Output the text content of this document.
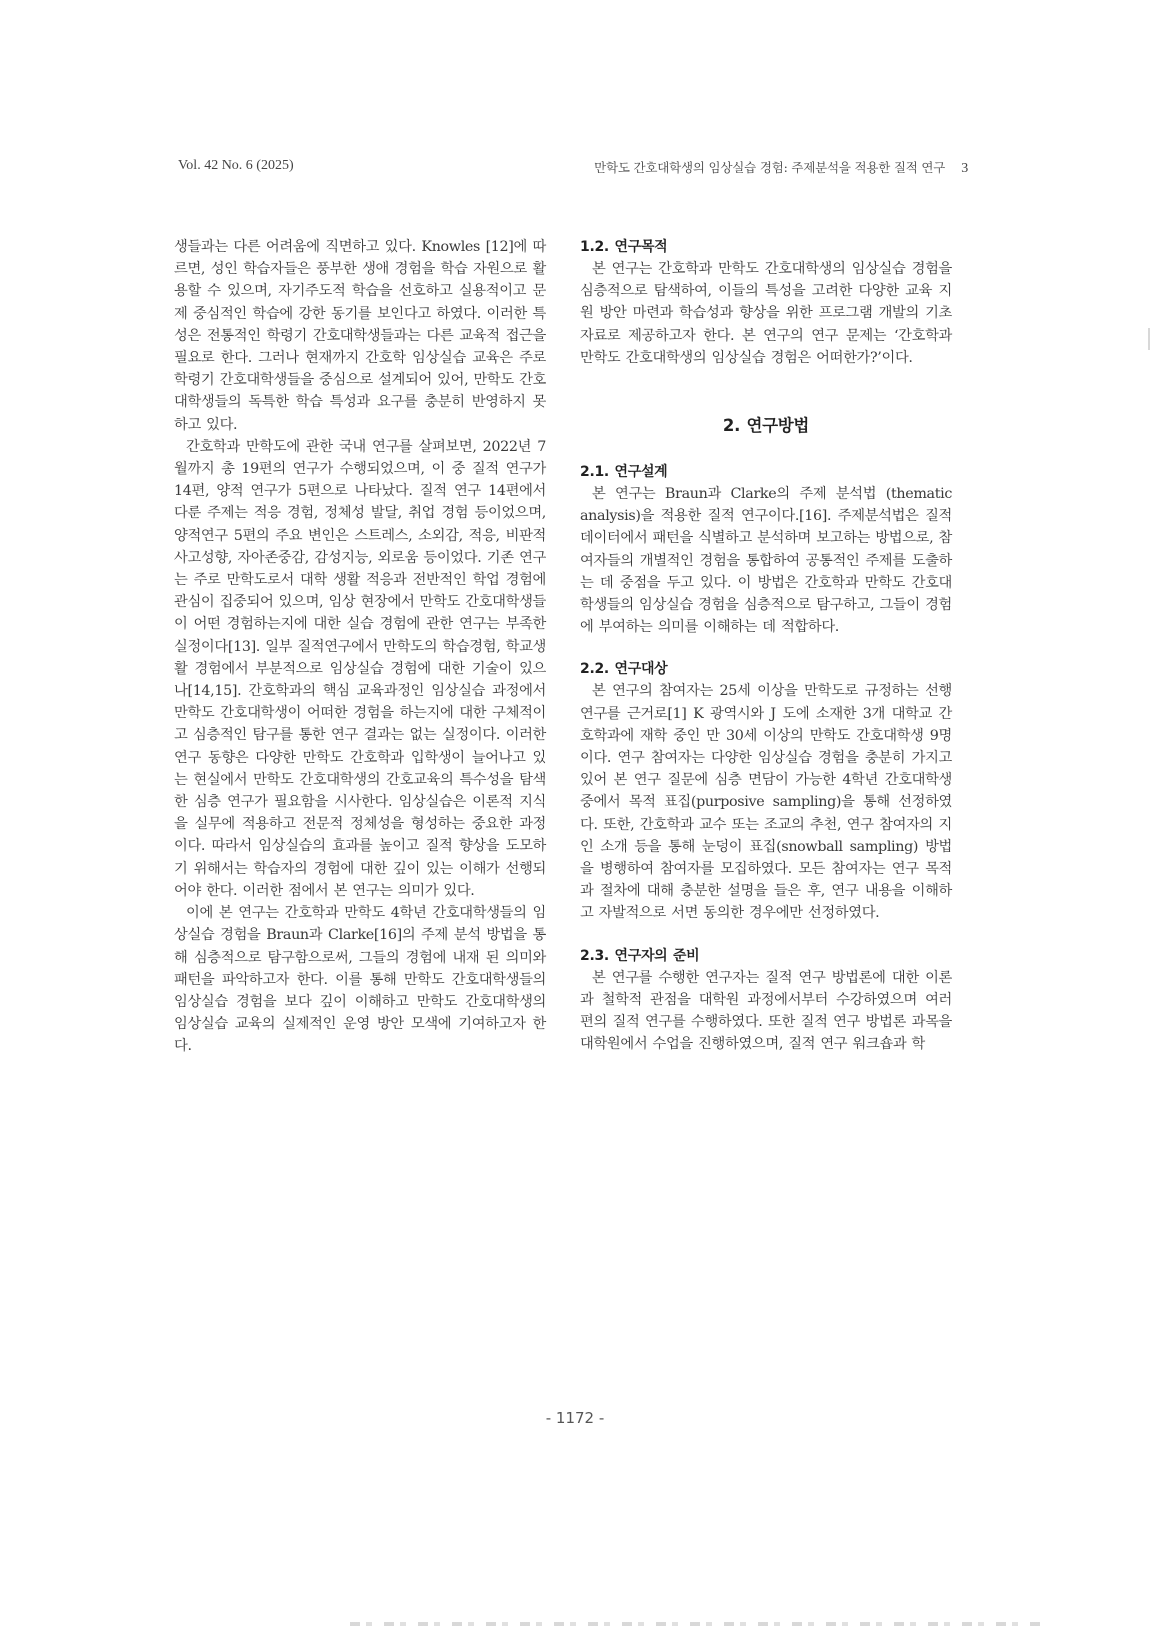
Vol. 42 No. 6 (2025)	만학도 간호대학생의 임상실습 경험: 주제분석을 적용한 질적 연구 3

생들과는 다른 어려움에 직면하고 있다. Knowles [12]에 따르면, 성인 학습자들은 풍부한 생애 경험을 학습 자원으로 활용할 수 있으며, 자기주도적 학습을 선호하고 실용적이고 문제 중심적인 학습에 강한 동기를 보인다고 하였다. 이러한 특성은 전통적인 학령기 간호대학생들과는 다른 교육적 접근을 필요로 한다. 그러나 현재까지 간호학 임상실습 교육은 주로 학령기 간호대학생들을 중심으로 설계되어 있어, 만학도 간호대학생들의 독특한 학습 특성과 요구를 충분히 반영하지 못하고 있다.

간호학과 만학도에 관한 국내 연구를 살펴보면, 2022년 7월까지 총 19편의 연구가 수행되었으며, 이 중 질적 연구가 14편, 양적 연구가 5편으로 나타났다. 질적 연구 14편에서 다룬 주제는 적응 경험, 정체성 발달, 취업 경험 등이었으며, 양적연구 5편의 주요 변인은 스트레스, 소외감, 적응, 비판적 사고성향, 자아존중감, 감성지능, 외로움 등이었다. 기존 연구는 주로 만학도로서 대학 생활 적응과 전반적인 학업 경험에 관심이 집중되어 있으며, 임상 현장에서 만학도 간호대학생들이 어떤 경험하는지에 대한 실습 경험에 관한 연구는 부족한 실정이다[13]. 일부 질적연구에서 만학도의 학습경험, 학교생활 경험에서 부분적으로 임상실습 경험에 대한 기술이 있으나[14,15]. 간호학과의 핵심 교육과정인 임상실습 과정에서 만학도 간호대학생이 어떠한 경험을 하는지에 대한 구체적이고 심층적인 탐구를 통한 연구 결과는 없는 실정이다. 이러한 연구 동향은 다양한 만학도 간호학과 입학생이 늘어나고 있는 현실에서 만학도 간호대학생의 간호교육의 특수성을 탐색한 심층 연구가 필요함을 시사한다. 임상실습은 이론적 지식을 실무에 적용하고 전문적 정체성을 형성하는 중요한 과정이다. 따라서 임상실습의 효과를 높이고 질적 향상을 도모하기 위해서는 학습자의 경험에 대한 깊이 있는 이해가 선행되어야 한다. 이러한 점에서 본 연구는 의미가 있다.

이에 본 연구는 간호학과 만학도 4학년 간호대학생들의 임상실습 경험을 Braun과 Clarke[16]의 주제 분석 방법을 통해 심층적으로 탐구함으로써, 그들의 경험에 내재 된 의미와 패턴을 파악하고자 한다. 이를 통해 만학도 간호대학생들의 임상실습 경험을 보다 깊이 이해하고 만학도 간호대학생의 임상실습 교육의 실제적인 운영 방안 모색에 기여하고자 한다.

1.2. 연구목적

본 연구는 간호학과 만학도 간호대학생의 임상실습 경험을 심층적으로 탐색하여, 이들의 특성을 고려한 다양한 교육 지원 방안 마련과 학습성과 향상을 위한 프로그램 개발의 기초 자료로 제공하고자 한다. 본 연구의 연구 문제는 ‘간호학과 만학도 간호대학생의 임상실습 경험은 어떠한가?’이다.

2. 연구방법
2.1. 연구설계

본 연구는 Braun과 Clarke의 주제 분석법 (thematic analysis)을 적용한 질적 연구이다.[16]. 주제분석법은 질적 데이터에서 패턴을 식별하고 분석하며 보고하는 방법으로, 참여자들의 개별적인 경험을 통합하여 공통적인 주제를 도출하는 데 중점을 두고 있다. 이 방법은 간호학과 만학도 간호대학생들의 임상실습 경험을 심층적으로 탐구하고, 그들이 경험에 부여하는 의미를 이해하는 데 적합하다.

2.2. 연구대상

본 연구의 참여자는 25세 이상을 만학도로 규정하는 선행 연구를 근거로[1] K 광역시와 J 도에 소재한 3개 대학교 간호학과에 재학 중인 만 30세 이상의 만학도 간호대학생 9명이다. 연구 참여자는 다양한 임상실습 경험을 충분히 가지고 있어 본 연구 질문에 심층 면담이 가능한 4학년 간호대학생 중에서 목적 표집(purposive sampling)을 통해 선정하였다. 또한, 간호학과 교수 또는 조교의 추천, 연구 참여자의 지인 소개 등을 통해 눈덩이 표집(snowball sampling) 방법을 병행하여 참여자를 모집하였다. 모든 참여자는 연구 목적과 절차에 대해 충분한 설명을 들은 후, 연구 내용을 이해하고 자발적으로 서면 동의한 경우에만 선정하였다.

2.3. 연구자의 준비

본 연구를 수행한 연구자는 질적 연구 방법론에 대한 이론과 철학적 관점을 대학원 과정에서부터 수강하였으며 여러 편의 질적 연구를 수행하였다. 또한 질적 연구 방법론 과목을 대학원에서 수업을 진행하였으며, 질적 연구 워크숍과 학

- 1172 -
